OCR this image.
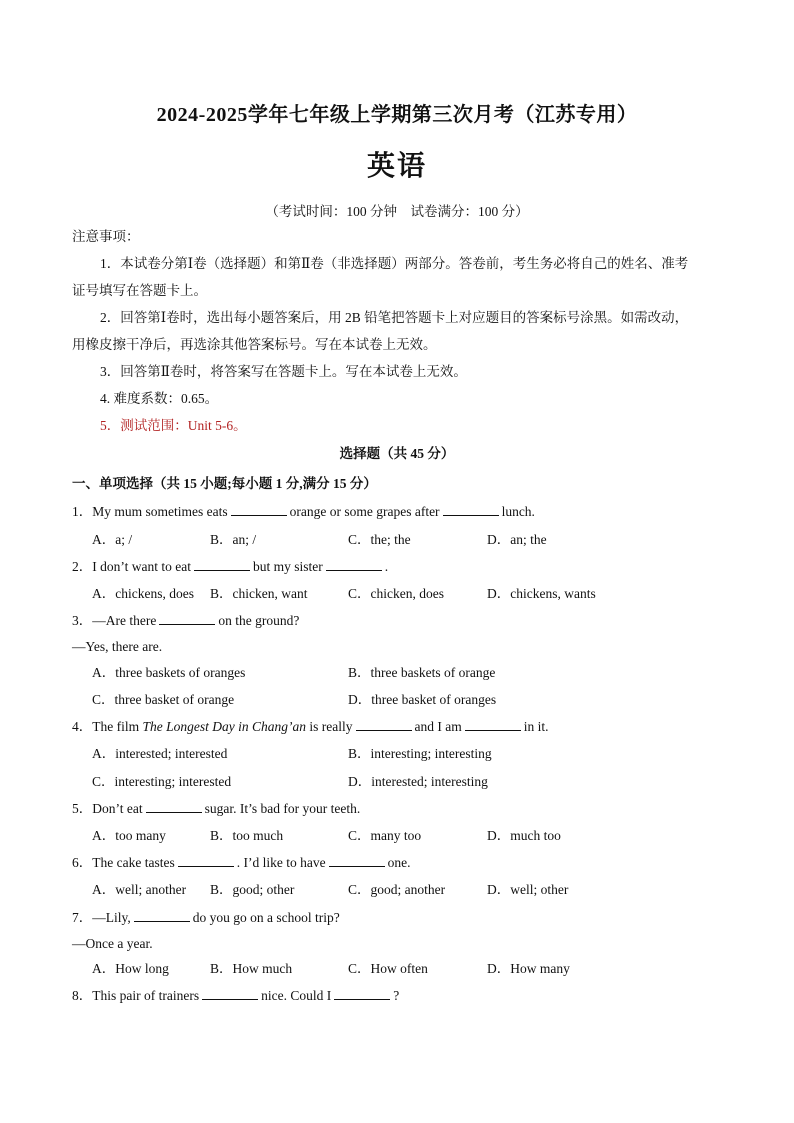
2024-2025学年七年级上学期第三次月考（江苏专用）
英语
（考试时间：100 分钟　试卷满分：100 分）
注意事项：
1．本试卷分第Ⅰ卷（选择题）和第Ⅱ卷（非选择题）两部分。答卷前，考生务必将自己的姓名、准考
证号填写在答题卡上。
2．回答第Ⅰ卷时，选出每小题答案后，用 2B 铅笔把答题卡上对应题目的答案标号涂黑。如需改动，
用橡皮擦干净后，再选涂其他答案标号。写在本试卷上无效。
3．回答第Ⅱ卷时，将答案写在答题卡上。写在本试卷上无效。
4. 难度系数：0.65。
5．测试范围：Unit 5-6。
选择题（共 45 分）
一、单项选择（共 15 小题;每小题 1 分,满分 15 分）
1．My mum sometimes eats	orange or some grapes after	lunch.
A．a; /	B．an; /	C．the; the	D．an; the
2．I don’t want to eat	but my sister	.
A．chickens, does B．chicken, want	C．chicken, does	D．chickens, wants
3．—Are there	on the ground?
—Yes, there are.
A．three baskets of oranges	B．three baskets of orange
C．three basket of orange	D．three basket of oranges
4．The film The Longest Day in Chang’an is really	and I am	in it.
A．interested; interested	B．interesting; interesting
C．interesting; interested	D．interested; interesting
5．Don’t eat	sugar. It’s bad for your teeth.
A．too many	B．too much	C．many too	D．much too
6．The cake tastes	. I’d like to have	one.
A．well; another B．good; other	C．good; another	D．well; other
7．—Lily,	do you go on a school trip?
—Once a year.
A．How long	B．How much	C．How often	D．How many
8．This pair of trainers	nice. Could I	?
